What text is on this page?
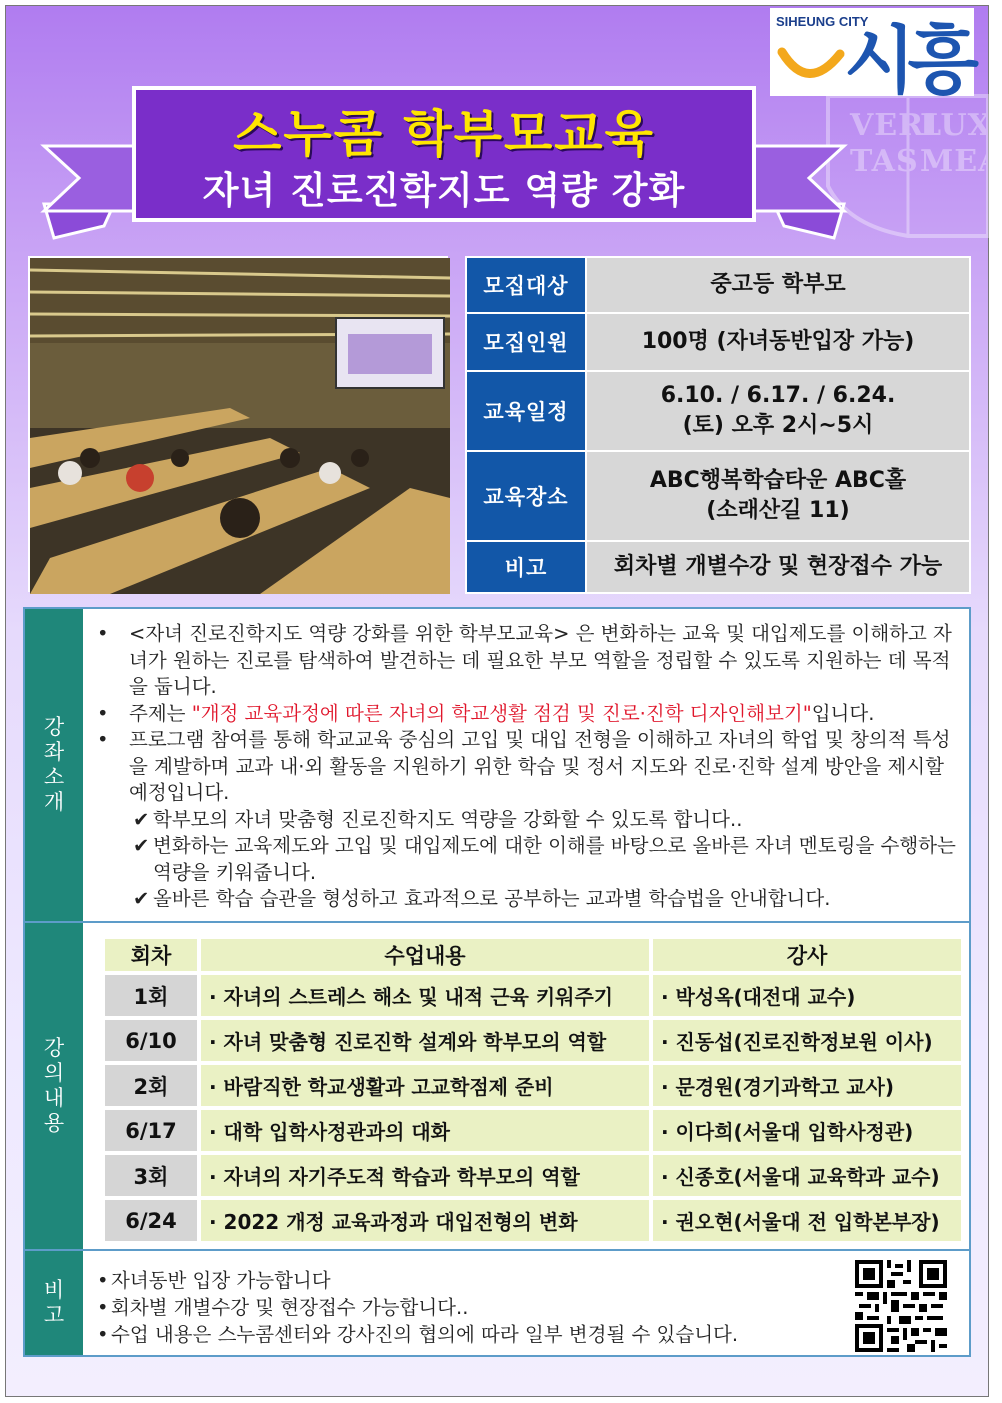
VERI
LUX
TAS MEA
SIHEUNG CITY
시흥
스누콤 학부모교육
자녀 진로진학지도 역량 강화
모집대상	중고등 학부모
모집인원	100명 (자녀동반입장 가능)
교육일정	6.10. / 6.17. / 6.24.
(토) 오후 2시~5시

교육장소	ABC행복학습타운 ABC홀
(소래산길 11)

비고	회차별 개별수강 및 현장접수 가능
강좌소개
강의내용
비고
• <자녀 진로진학지도 역량 강화를 위한 학부모교육> 은 변화하는 교육 및 대입제도를 이해하고 자녀가 원하는 진로를 탐색하여 발견하는 데 필요한 부모 역할을 정립할 수 있도록 지원하는 데 목적을 둡니다.
• 주제는 "개정 교육과정에 따른 자녀의 학교생활 점검 및 진로·진학 디자인해보기"입니다.
• 프로그램 참여를 통해 학교교육 중심의 고입 및 대입 전형을 이해하고 자녀의 학업 및 창의적 특성을 계발하며 교과 내·외 활동을 지원하기 위한 학습 및 정서 지도와 진로·진학 설계 방안을 제시할 예정입니다.
✔ 학부모의 자녀 맞춤형 진로진학지도 역량을 강화할 수 있도록 합니다..
✔ 변화하는 교육제도와 고입 및 대입제도에 대한 이해를 바탕으로 올바른 자녀 멘토링을 수행하는 역량을 키워줍니다.
✔ 올바른 학습 습관을 형성하고 효과적으로 공부하는 교과별 학습법을 안내합니다.
회차	수업내용	강사
1회	· 자녀의 스트레스 해소 및 내적 근육 키워주기	· 박성옥(대전대 교수)
6/10	· 자녀 맞춤형 진로진학 설계와 학부모의 역할	· 진동섭(진로진학정보원 이사)
2회	· 바람직한 학교생활과 고교학점제 준비	· 문경원(경기과학고 교사)
6/17	· 대학 입학사정관과의 대화	· 이다희(서울대 입학사정관)
3회	· 자녀의 자기주도적 학습과 학부모의 역할	· 신종호(서울대 교육학과 교수)
6/24	· 2022 개정 교육과정과 대입전형의 변화	· 권오현(서울대 전 입학본부장)
• 자녀동반 입장 가능합니다
• 회차별 개별수강 및 현장접수 가능합니다..
• 수업 내용은 스누콤센터와 강사진의 협의에 따라 일부 변경될 수 있습니다.
